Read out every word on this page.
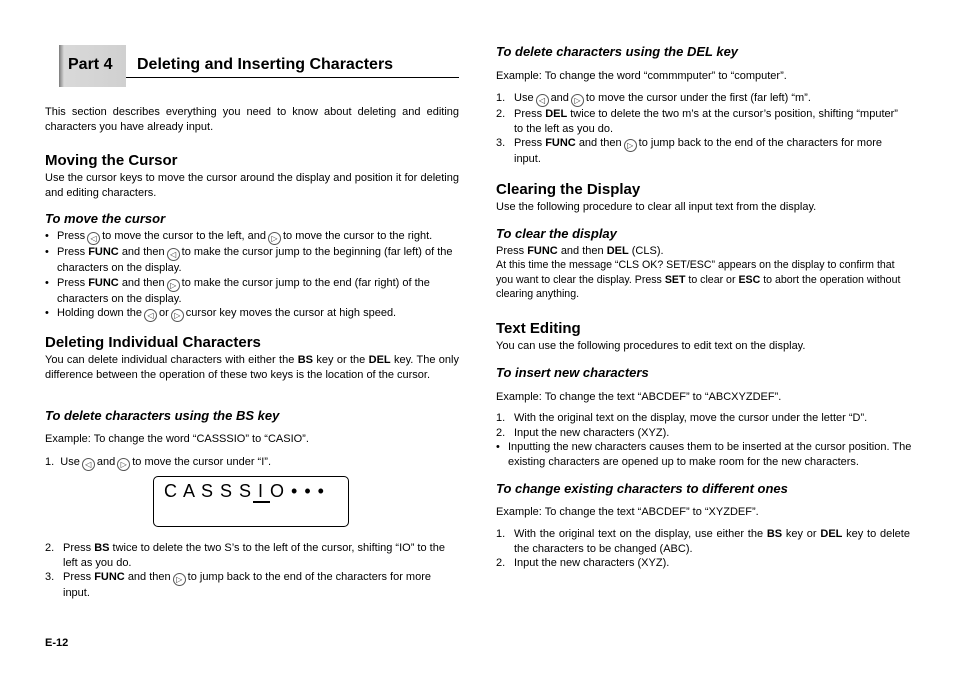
Part 4 Deleting and Inserting Characters
This section describes everything you need to know about deleting and editing characters you have already input.
Moving the Cursor
Use the cursor keys to move the cursor around the display and position it for deleting and editing characters.
To move the cursor
• Press ◁ to move the cursor to the left, and ▷ to move the cursor to the right.
• Press FUNC and then ◁ to make the cursor jump to the beginning (far left) of the characters on the display.
• Press FUNC and then ▷ to make the cursor jump to the end (far right) of the characters on the display.
• Holding down the ◁ or ▷ cursor key moves the cursor at high speed.
Deleting Individual Characters
You can delete individual characters with either the BS key or the DEL key. The only difference between the operation of these two keys is the location of the cursor.
To delete characters using the BS key
Example: To change the word “CASSSIO” to “CASIO”.
1.  Use ◁ and ▷ to move the cursor under “I”.
C A S S S I O • • •
2. Press BS twice to delete the two S’s to the left of the cursor, shifting “IO” to the left as you do.
3. Press FUNC and then ▷ to jump back to the end of the characters for more input.
To delete characters using the DEL key
Example: To change the word “commmputer” to “computer”.
1. Use ◁ and ▷ to move the cursor under the first (far left) “m”.
2. Press DEL twice to delete the two m’s at the cursor’s position, shifting “mputer” to the left as you do.
3. Press FUNC and then ▷ to jump back to the end of the characters for more input.
Clearing the Display
Use the following procedure to clear all input text from the display.
To clear the display
Press FUNC and then DEL (CLS).
At this time the message “CLS OK? SET/ESC” appears on the display to confirm that you want to clear the display. Press SET to clear or ESC to abort the operation without clearing anything.
Text Editing
You can use the following procedures to edit text on the display.
To insert new characters
Example: To change the text “ABCDEF” to “ABCXYZDEF”.
1. With the original text on the display, move the cursor under the letter “D”.
2. Input the new characters (XYZ).
• Inputting the new characters causes them to be inserted at the cursor position. The existing characters are opened up to make room for the new characters.
To change existing characters to different ones
Example: To change the text “ABCDEF” to “XYZDEF”.
1. With the original text on the display, use either the BS key or DEL key to delete the characters to be changed (ABC).
2. Input the new characters (XYZ).
E-12
